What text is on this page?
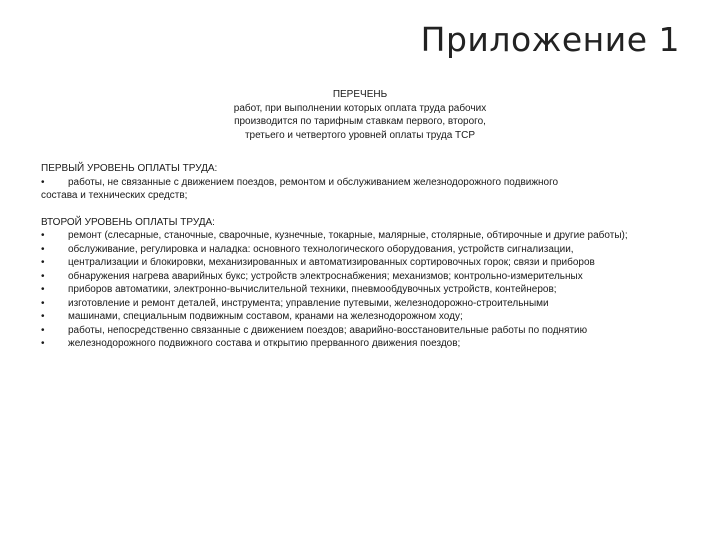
Приложение 1
ПЕРЕЧЕНЬ
работ, при выполнении которых оплата труда рабочих
производится по тарифным ставкам первого, второго,
третьего и четвертого уровней оплаты труда ТСР
ПЕРВЫЙ УРОВЕНЬ ОПЛАТЫ ТРУДА:
•	работы, не связанные с движением поездов, ремонтом и обслуживанием железнодорожного подвижного
состава и технических средств;
ВТОРОЙ УРОВЕНЬ ОПЛАТЫ ТРУДА:
•	ремонт (слесарные, станочные, сварочные, кузнечные, токарные, малярные, столярные, обтирочные и другие работы);
•	обслуживание, регулировка и наладка: основного технологического оборудования, устройств сигнализации,
•	централизации и блокировки, механизированных и автоматизированных сортировочных горок; связи и приборов
•	обнаружения нагрева аварийных букс; устройств электроснабжения; механизмов; контрольно-измерительных
•	приборов автоматики, электронно-вычислительной техники, пневмообдувочных устройств, контейнеров;
•	изготовление и ремонт деталей, инструмента; управление путевыми, железнодорожно-строительными
•	машинами, специальным подвижным составом, кранами на железнодорожном ходу;
•	работы, непосредственно связанные с движением поездов; аварийно-восстановительные работы по поднятию
•	железнодорожного подвижного состава и открытию прерванного движения поездов;
